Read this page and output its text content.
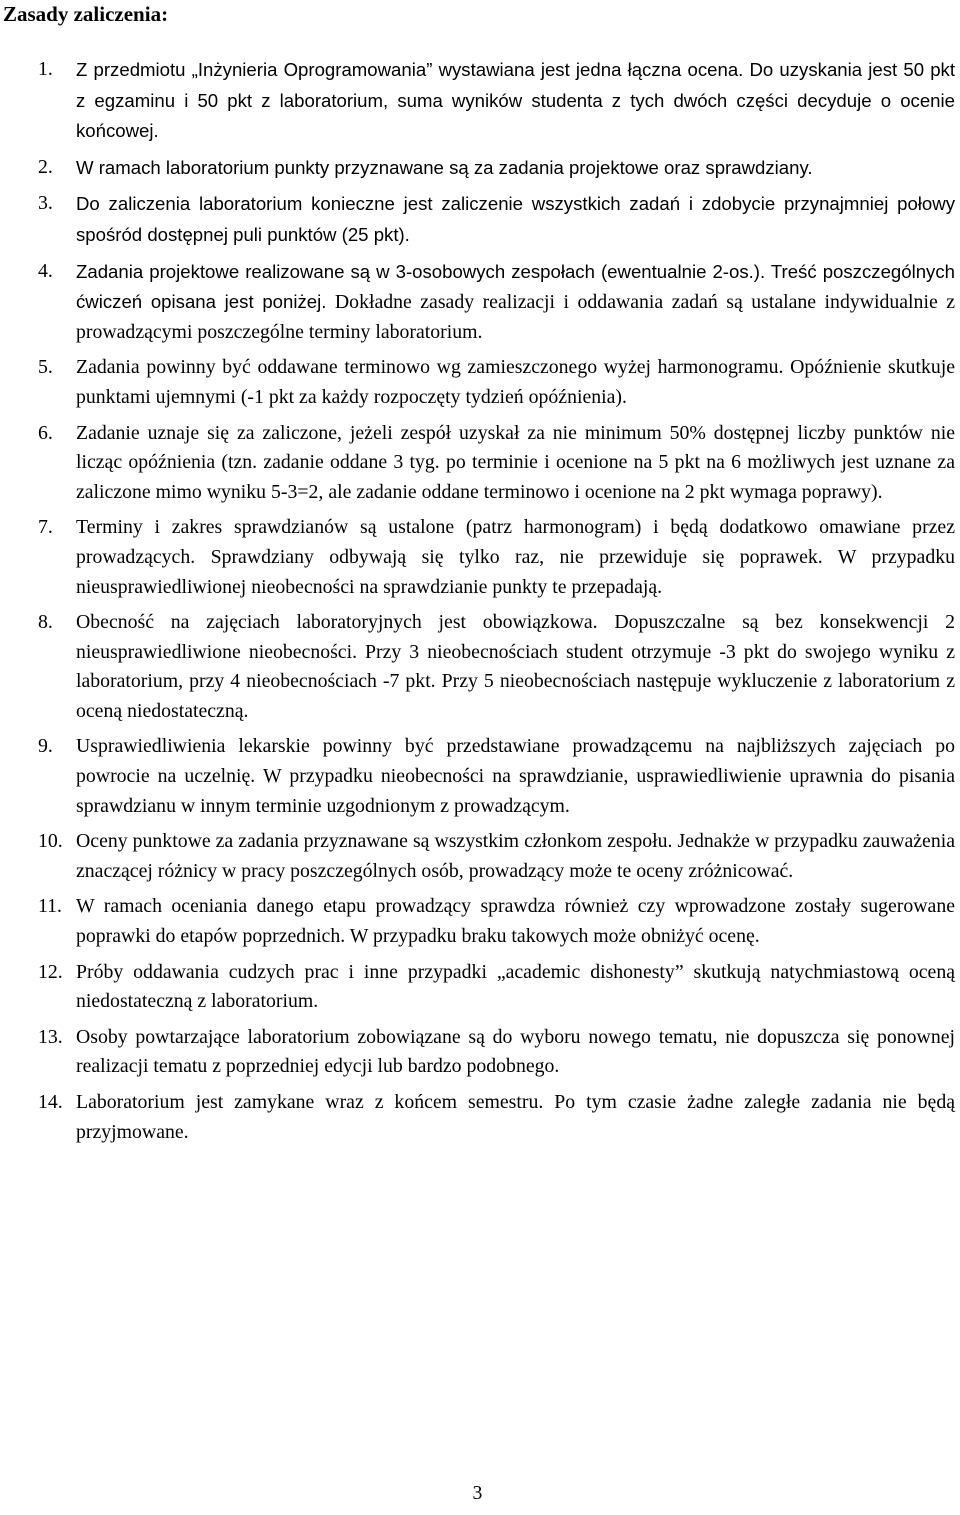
Zasady zaliczenia:
1. Z przedmiotu „Inżynieria Oprogramowania” wystawiana jest jedna łączna ocena. Do uzyskania jest 50 pkt z egzaminu i 50 pkt z laboratorium, suma wyników studenta z tych dwóch części decyduje o ocenie końcowej.
2. W ramach laboratorium punkty przyznawane są za zadania projektowe oraz sprawdziany.
3. Do zaliczenia laboratorium konieczne jest zaliczenie wszystkich zadań i zdobycie przynajmniej połowy spośród dostępnej puli punktów (25 pkt).
4. Zadania projektowe realizowane są w 3-osobowych zespołach (ewentualnie 2-os.). Treść poszczególnych ćwiczeń opisana jest poniżej. Dokładne zasady realizacji i oddawania zadań są ustalane indywidualnie z prowadzącymi poszczególne terminy laboratorium.
5. Zadania powinny być oddawane terminowo wg zamieszczonego wyżej harmonogramu. Opóźnienie skutkuje punktami ujemnymi (-1 pkt za każdy rozpoczęty tydzień opóźnienia).
6. Zadanie uznaje się za zaliczone, jeżeli zespół uzyskał za nie minimum 50% dostępnej liczby punktów nie licząc opóźnienia (tzn. zadanie oddane 3 tyg. po terminie i ocenione na 5 pkt na 6 możliwych jest uznane za zaliczone mimo wyniku 5-3=2, ale zadanie oddane terminowo i ocenione na 2 pkt wymaga poprawy).
7. Terminy i zakres sprawdzianów są ustalone (patrz harmonogram) i będą dodatkowo omawiane przez prowadzących. Sprawdziany odbywają się tylko raz, nie przewiduje się poprawek. W przypadku nieusprawiedliwionej nieobecności na sprawdzianie punkty te przepadają.
8. Obecność na zajęciach laboratoryjnych jest obowiązkowa. Dopuszczalne są bez konsekwencji 2 nieusprawiedliwione nieobecności. Przy 3 nieobecnościach student otrzymuje -3 pkt do swojego wyniku z laboratorium, przy 4 nieobecnościach -7 pkt. Przy 5 nieobecnościach następuje wykluczenie z laboratorium z oceną niedostateczną.
9. Usprawiedliwienia lekarskie powinny być przedstawiane prowadzącemu na najbliższych zajęciach po powrocie na uczelnię. W przypadku nieobecności na sprawdzianie, usprawiedliwienie uprawnia do pisania sprawdzianu w innym terminie uzgodnionym z prowadzącym.
10. Oceny punktowe za zadania przyznawane są wszystkim członkom zespołu. Jednakże w przypadku zauważenia znaczącej różnicy w pracy poszczególnych osób, prowadzący może te oceny zróżnicować.
11. W ramach oceniania danego etapu prowadzący sprawdza również czy wprowadzone zostały sugerowane poprawki do etapów poprzednich. W przypadku braku takowych może obniżyć ocenę.
12. Próby oddawania cudzych prac i inne przypadki „academic dishonesty” skutkują natychmiastową oceną niedostateczną z laboratorium.
13. Osoby powtarzające laboratorium zobowiązane są do wyboru nowego tematu, nie dopuszcza się ponownej realizacji tematu z poprzedniej edycji lub bardzo podobnego.
14. Laboratorium jest zamykane wraz z końcem semestru. Po tym czasie żadne zaległe zadania nie będą przyjmowane.
3
